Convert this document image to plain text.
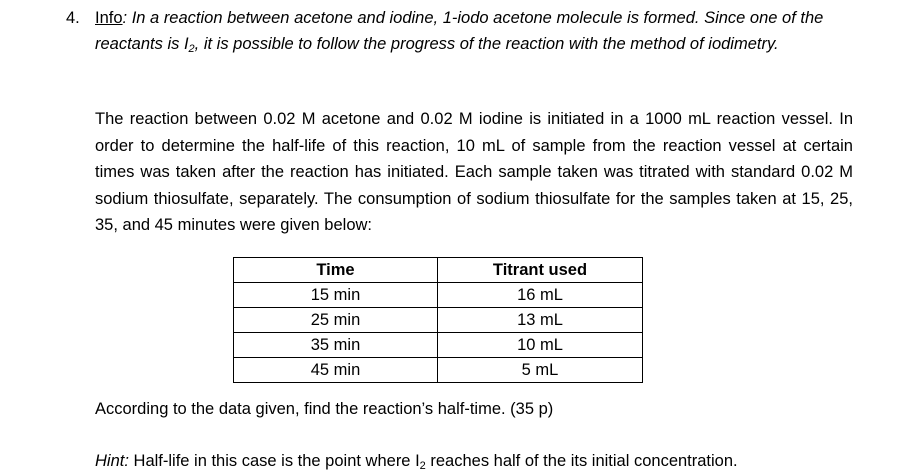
4. Info: In a reaction between acetone and iodine, 1-iodo acetone molecule is formed. Since one of the reactants is $I_2$, it is possible to follow the progress of the reaction with the method of iodimetry.
The reaction between 0.02 M acetone and 0.02 M iodine is initiated in a 1000 mL reaction vessel. In order to determine the half-life of this reaction, 10 mL of sample from the reaction vessel at certain times was taken after the reaction has initiated. Each sample taken was titrated with standard 0.02 M sodium thiosulfate, separately. The consumption of sodium thiosulfate for the samples taken at 15, 25, 35, and 45 minutes were given below:
Time	Titrant used
15 min	16 mL
25 min	13 mL
35 min	10 mL
45 min	5 mL
According to the data given, find the reaction’s half-time. (35 p)
Hint: Half-life in this case is the point where $I_2$ reaches half of the its initial concentration.
